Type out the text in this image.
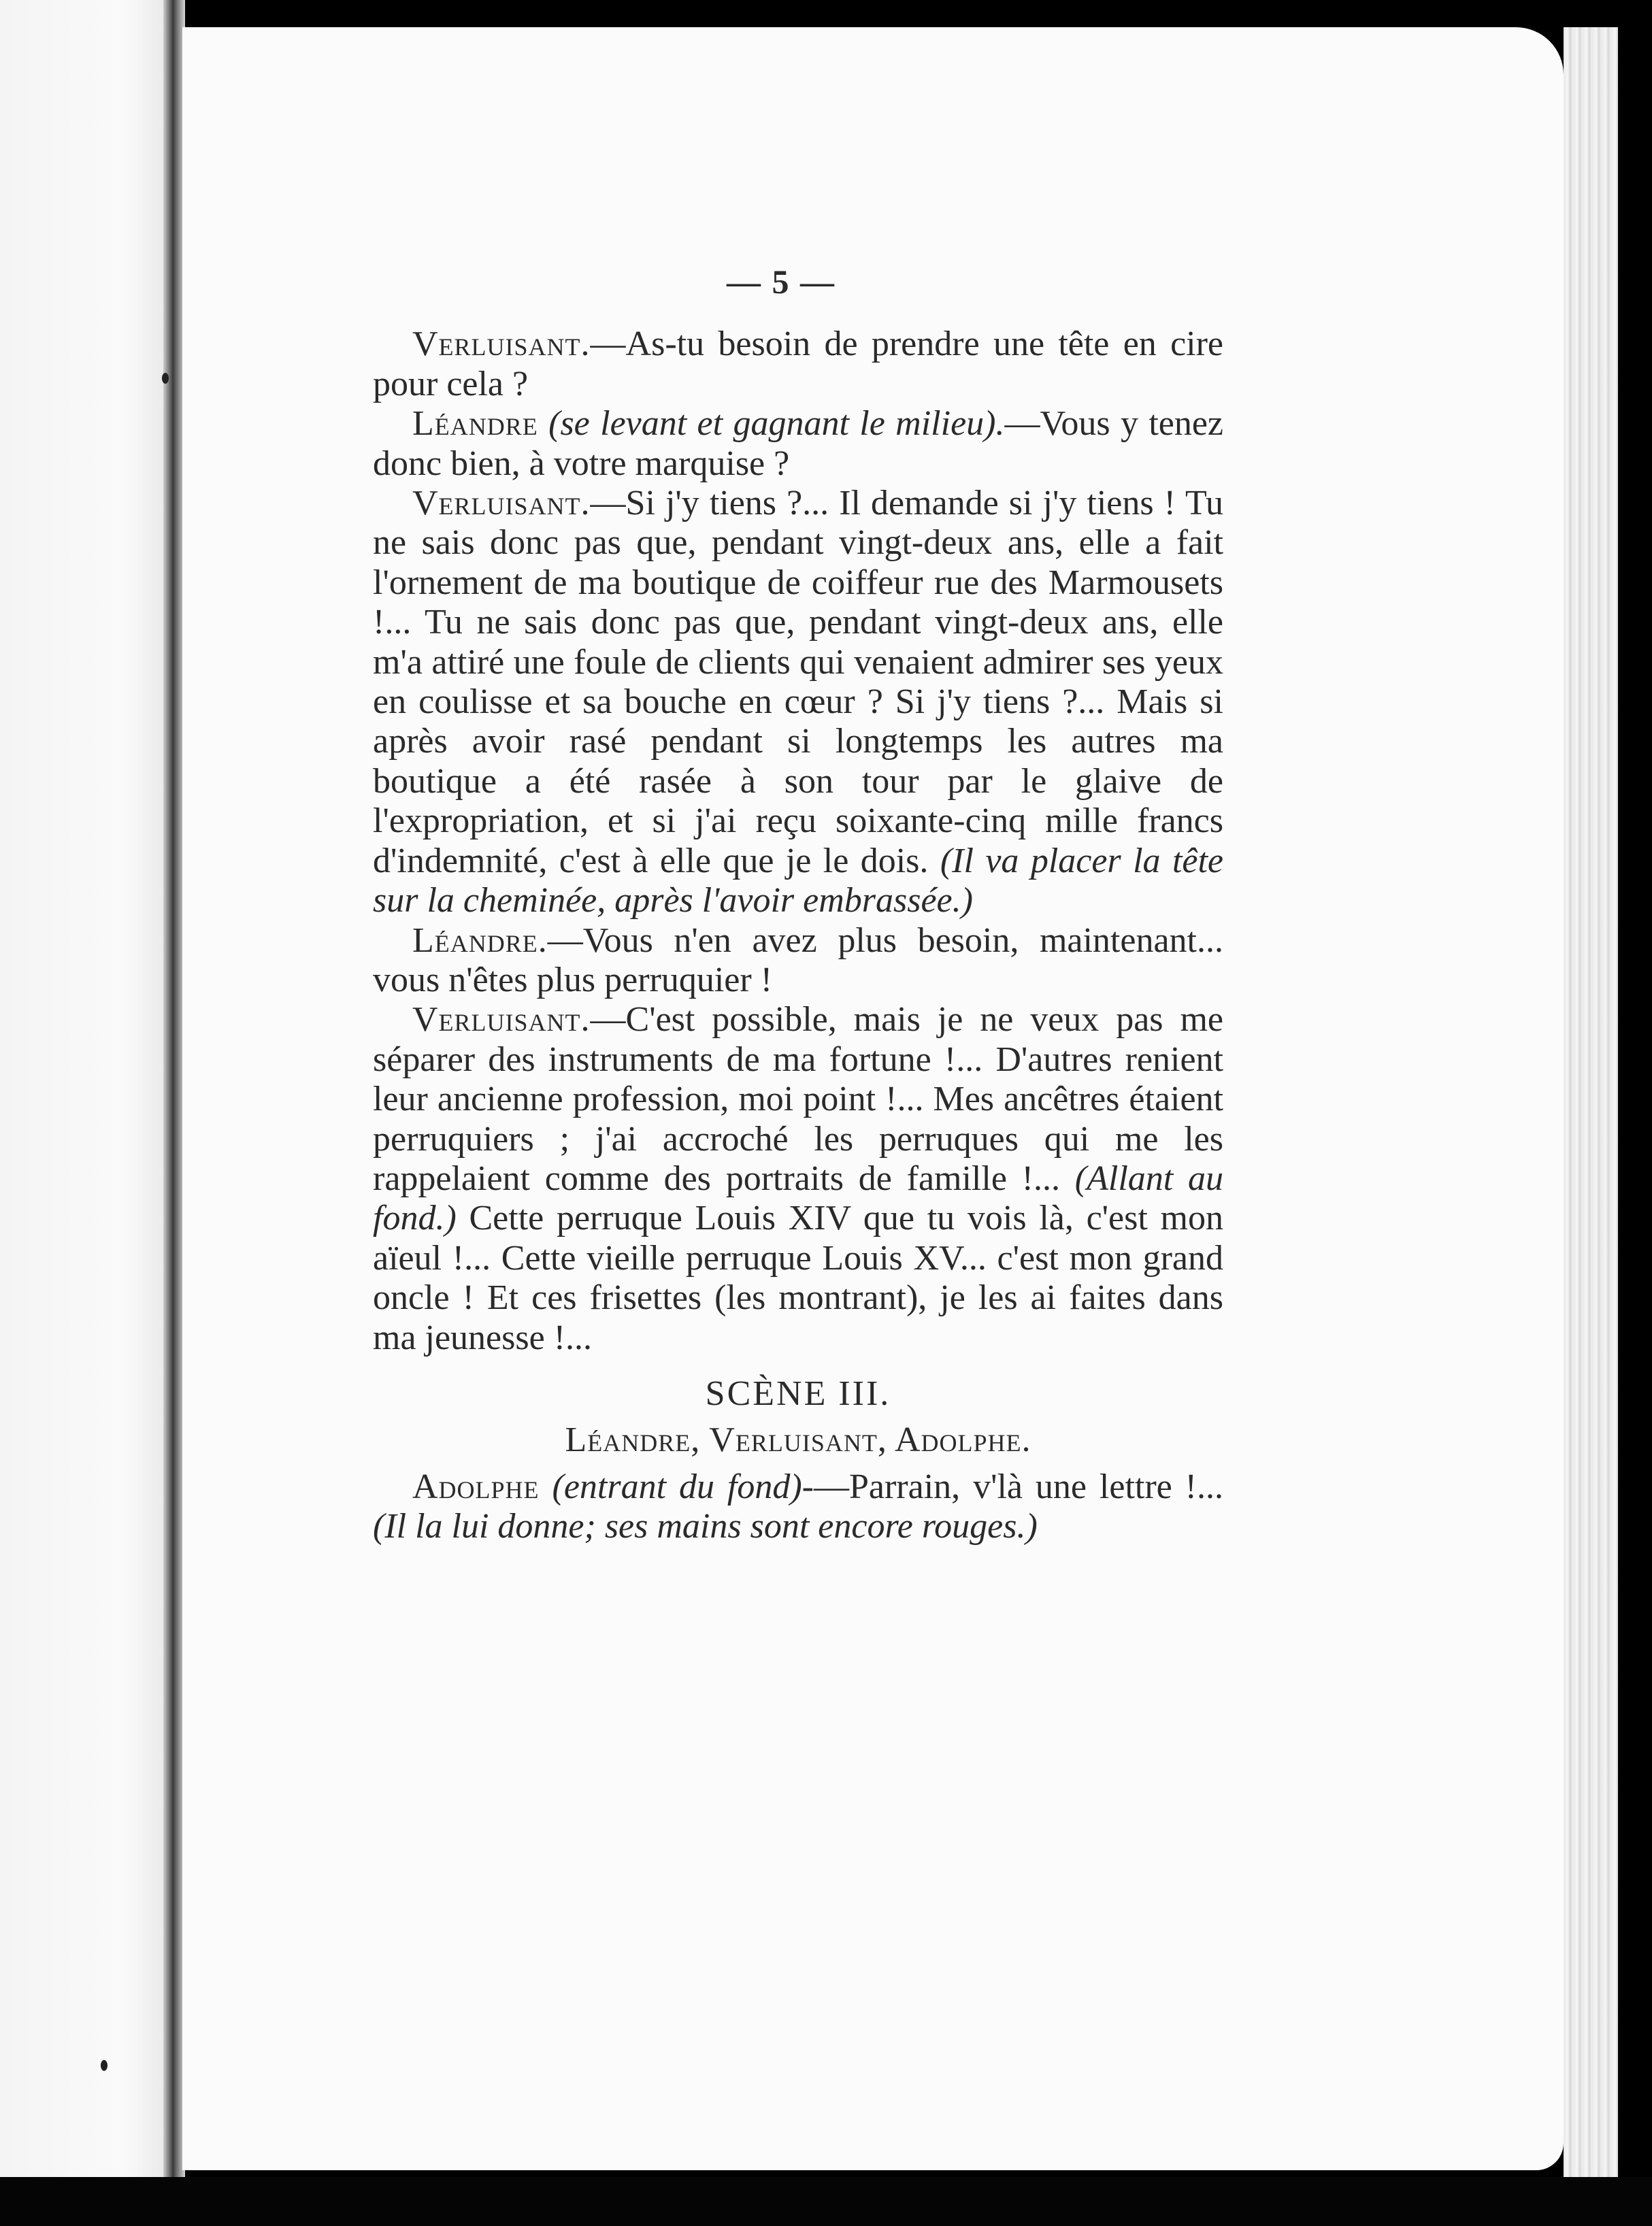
— 5 —

Verluisant.—As-tu besoin de prendre une tête en cire pour cela ?

Léandre (se levant et gagnant le milieu).—Vous y tenez donc bien, à votre marquise ?

Verluisant.—Si j'y tiens ?... Il demande si j'y tiens ! Tu ne sais donc pas que, pendant vingt-deux ans, elle a fait l'ornement de ma boutique de coiffeur rue des Marmousets !... Tu ne sais donc pas que, pendant vingt-deux ans, elle m'a attiré une foule de clients qui venaient admirer ses yeux en coulisse et sa bouche en cœur ? Si j'y tiens ?... Mais si après avoir rasé pendant si longtemps les autres ma boutique a été rasée à son tour par le glaive de l'expropriation, et si j'ai reçu soixante-cinq mille francs d'indemnité, c'est à elle que je le dois. (Il va placer la tête sur la cheminée, après l'avoir embrassée.)

Léandre.—Vous n'en avez plus besoin, maintenant... vous n'êtes plus perruquier !

Verluisant.—C'est possible, mais je ne veux pas me séparer des instruments de ma fortune !... D'autres renient leur ancienne profession, moi point !... Mes ancêtres étaient perruquiers ; j'ai accroché les perruques qui me les rappelaient comme des portraits de famille !... (Allant au fond.) Cette perruque Louis XIV que tu vois là, c'est mon aïeul !... Cette vieille perruque Louis XV... c'est mon grand oncle ! Et ces frisettes (les montrant), je les ai faites dans ma jeunesse !...

SCÈNE III.
Léandre, Verluisant, Adolphe.

Adolphe (entrant du fond)-—Parrain, v'là une lettre !... (Il la lui donne; ses mains sont encore rouges.)
